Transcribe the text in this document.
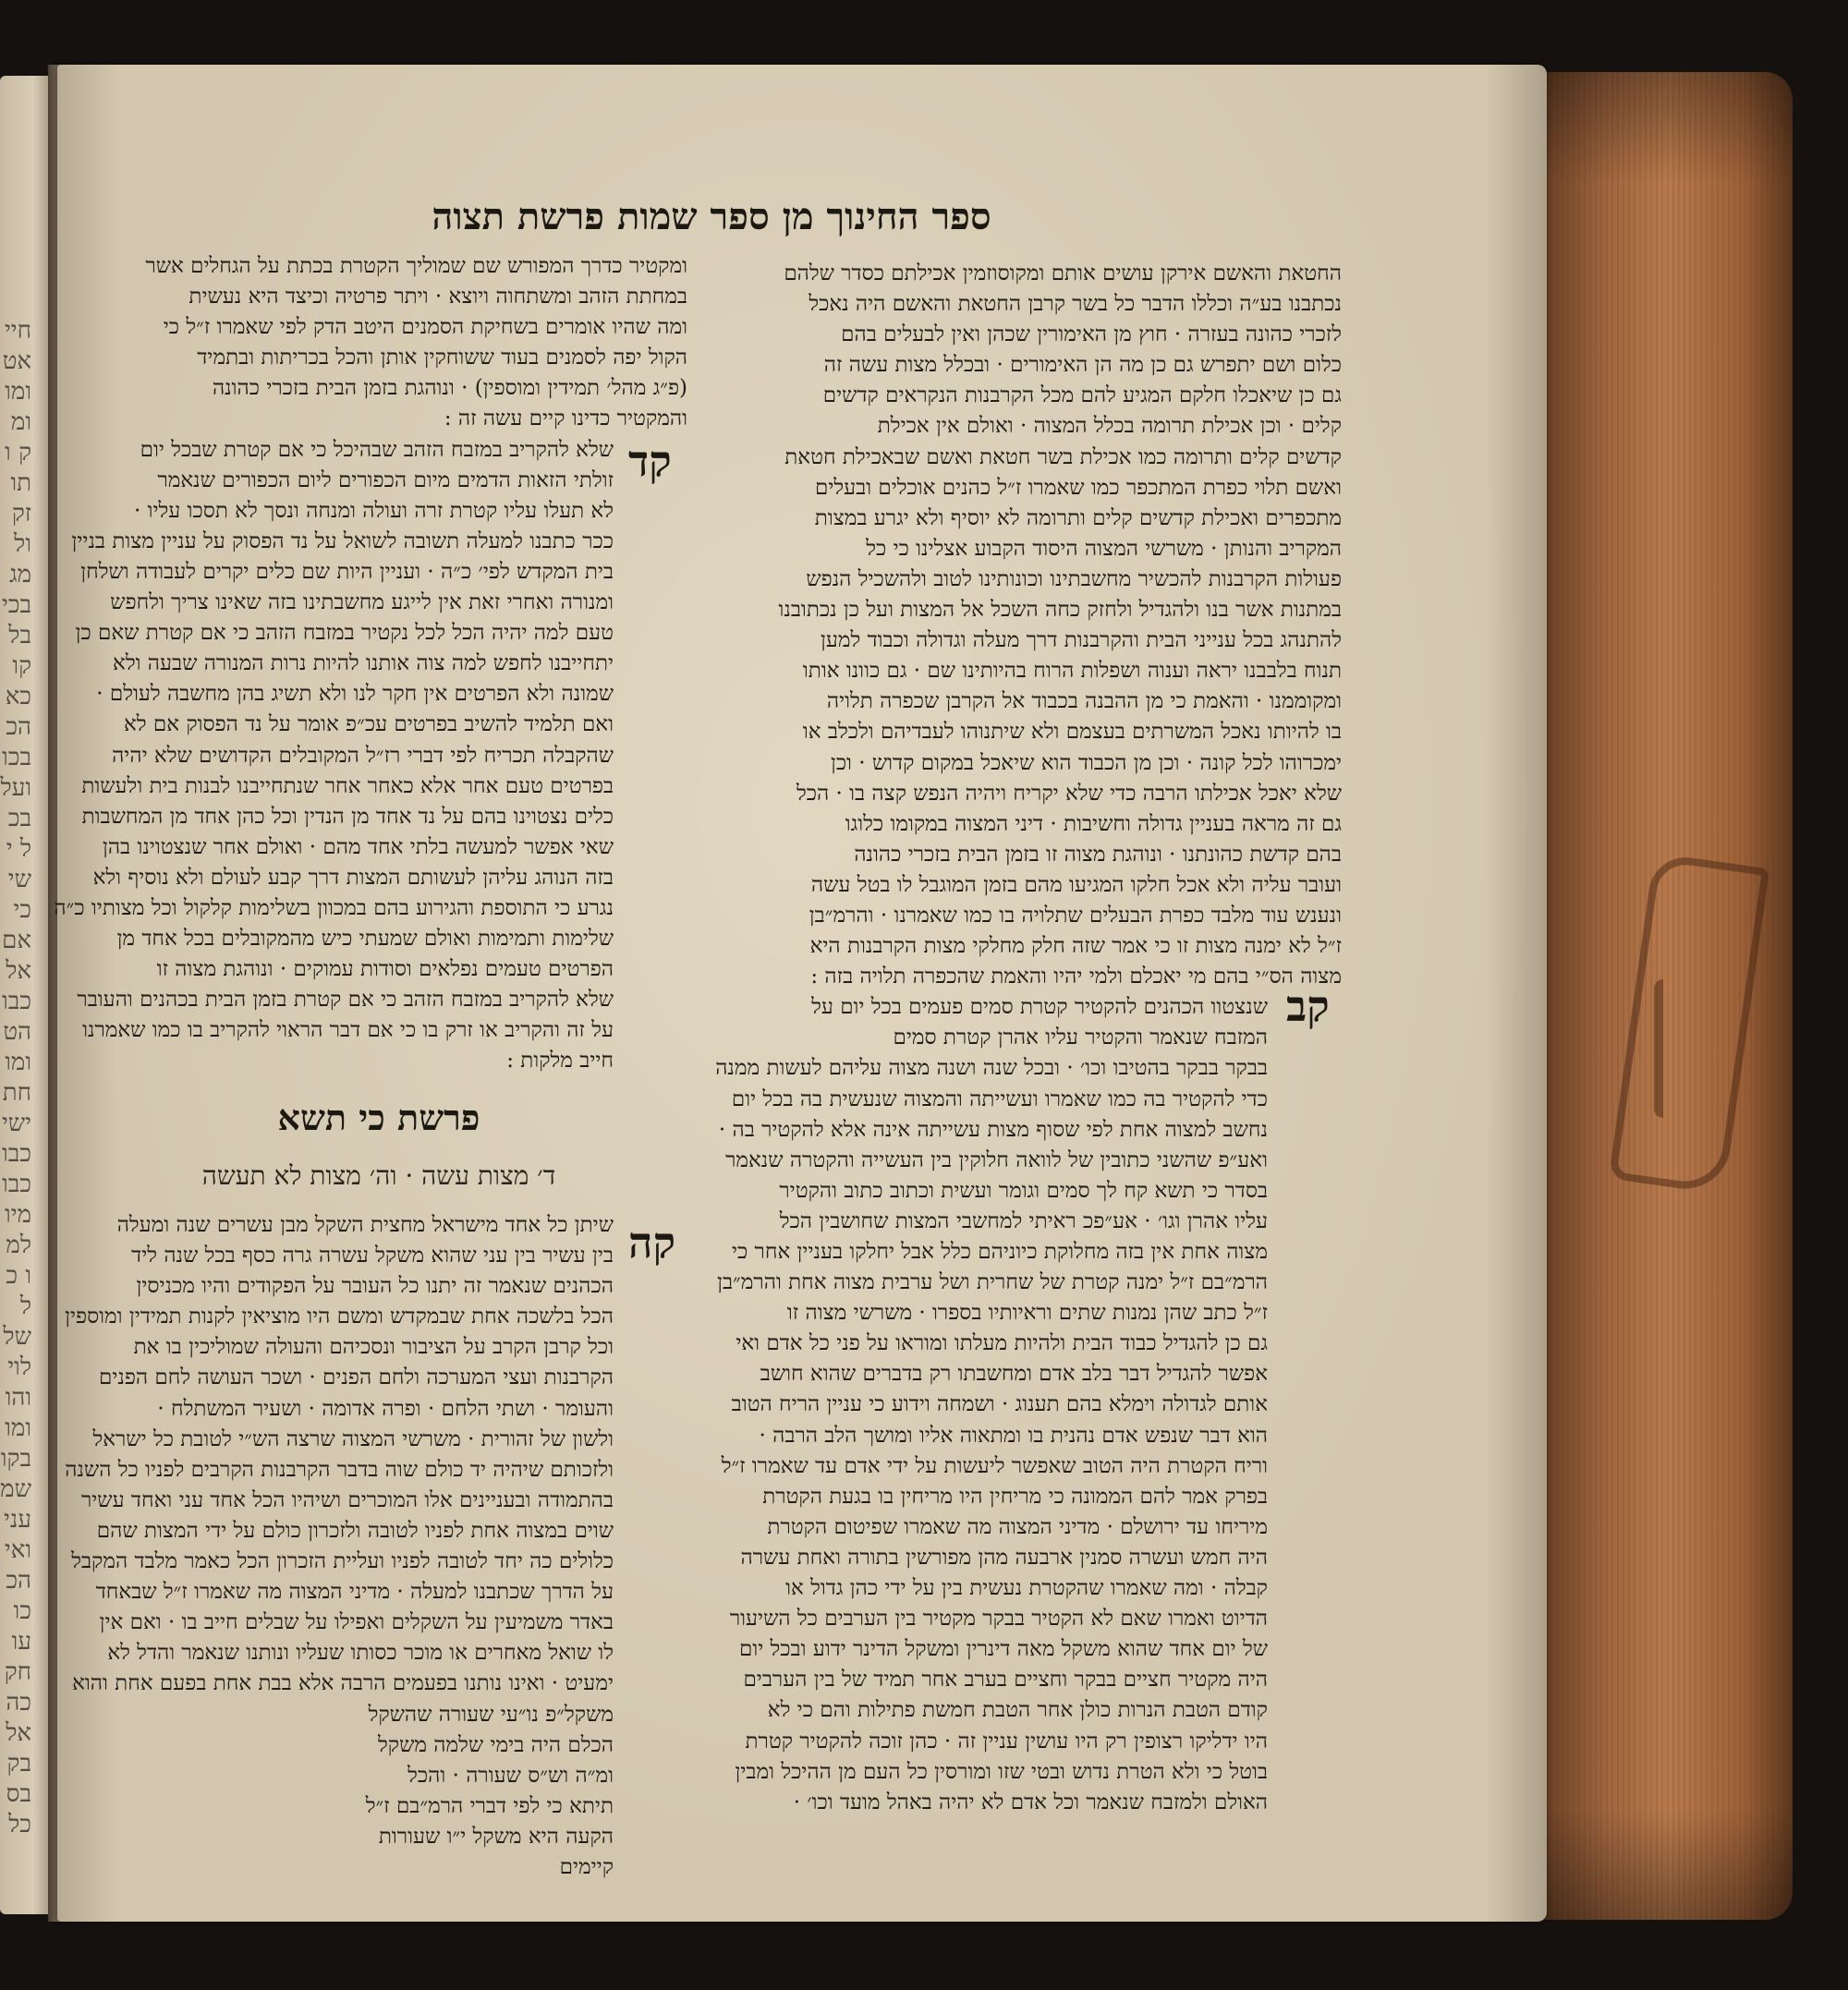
חיי אט ומו ומק ותו זק ול מג בכי בל קו כא הכ בכו ועל בכל ישי כי אם אל כבו הט ומו חת ישי כבו כבו מיו למו כל של לוי והו ומו בקו שמ עני ואי הכ כו עו חק כה אל בק בס כל
ספר החינוך מן ספר שמות פרשת תצוה
החטאת והאשם אירקן עושים אותם ומקוסוזמין אכילתם כסדר שלהם
נכתבנו בע״ה וכללו הדבר כל בשר קרבן החטאת והאשם היה נאכל
לזכרי כהונה בעזרה · חוץ מן האימורין שכהן ואין לבעלים בהם
כלום ושם יתפרש גם כן מה הן האימורים · ובכלל מצות עשה זה
גם כן שיאכלו חלקם המגיע להם מכל הקרבנות הנקראים קדשים
קלים · וכן אכילת תרומה בכלל המצוה · ואולם אין אכילת
קדשים קלים ותרומה כמו אכילת בשר חטאת ואשם שבאכילת חטאת
ואשם תלוי כפרת המתכפר כמו שאמרו ז״ל כהנים אוכלים ובעלים
מתכפרים ואכילת קדשים קלים ותרומה לא יוסיף ולא יגרע במצות
המקריב והנותן · משרשי המצוה היסוד הקבוע אצלינו כי כל
פעולות הקרבנות להכשיר מחשבתינו וכונותינו לטוב ולהשכיל הנפש
במתנות אשר בנו ולהגדיל ולחזק כחה השכל אל המצות ועל כן נכתובנו
להתנהג בכל ענייני הבית והקרבנות דרך מעלה וגדולה וכבוד למען
תנוח בלבבנו יראה וענוה ושפלות הרוח בהיותינו שם · גם כוונו אותו
ומקוממנו · והאמת כי מן ההבנה בכבוד אל הקרבן שכפרה תלויה
בו להיותו נאכל המשרתים בעצמם ולא שיתנוהו לעבדיהם ולכלב או
ימכרוהו לכל קונה · וכן מן הכבוד הוא שיאכל במקום קדוש · וכן
שלא יאכל אכילתו הרבה כדי שלא יקריח ויהיה הנפש קצה בו · הכל
גם זה מראה בעניין גדולה וחשיבות · דיני המצוה במקומו כלוגו
בהם קדשת כהונתנו · ונוהגת מצוה זו בזמן הבית בזכרי כהונה
ועובר עליה ולא אכל חלקו המגיעו מהם בזמן המוגבל לו בטל עשה
ונענש עוד מלבד כפרת הבעלים שתלויה בו כמו שאמרנו · והרמ״בן
ז״ל לא ימנה מצות זו כי אמר שזה חלק מחלקי מצות הקרבנות היא
מצוה הס״י בהם מי יאכלם ולמי יהיו והאמת שהכפרה תלויה בזה :
שנצטוו הכהנים להקטיר קטרת סמים פעמים בכל יום על
המזבח שנאמר והקטיר עליו אהרן קטרת סמים
בבקר בבקר בהטיבו וכו׳ · ובכל שנה ושנה מצוה עליהם לעשות ממנה
כדי להקטיר בה כמו שאמרו ועשייתה והמצוה שנעשית בה בכל יום
נחשב למצוה אחת לפי שסוף מצות עשייתה אינה אלא להקטיר בה ·
ואע״פ שהשני כתובין של לוואה חלוקין בין העשייה והקטרה שנאמר
בסדר כי תשא קח לך סמים וגומר ועשית וכתוב כתוב והקטיר
עליו אהרן וגו׳ · אע״פכ ראיתי למחשבי המצות שחושבין הכל
מצוה אחת אין בזה מחלוקת כיוניהם כלל אבל יחלקו בעניין אחר כי
הרמ״בם ז״ל ימנה קטרת של שחרית ושל ערבית מצוה אחת והרמ״בן
ז״ל כתב שהן נמנות שתים וראיותיו בספרו · משרשי מצוה זו
גם כן להגדיל כבוד הבית ולהיות מעלתו ומוראו על פני כל אדם ואי
אפשר להגדיל דבר בלב אדם ומחשבתו רק בדברים שהוא חושב
אותם לגדולה וימלא בהם תענוג · ושמחה וידוע כי עניין הריח הטוב
הוא דבר שנפש אדם נהנית בו ומתאוה אליו ומושך הלב הרבה ·
וריח הקטרת היה הטוב שאפשר ליעשות על ידי אדם עד שאמרו ז״ל
בפרק אמר להם הממונה כי מריחין היו מריחין בו בגעת הקטרת
מיריחו עד ירושלם · מדיני המצוה מה שאמרו שפיטום הקטרת
היה חמש ועשרה סמנין ארבעה מהן מפורשין בתורה ואחת עשרה
קבלה · ומה שאמרו שהקטרת נעשית בין על ידי כהן גדול או
הדיוט ואמרו שאם לא הקטיר בבקר מקטיר בין הערבים כל השיעור
של יום אחד שהוא משקל מאה דינרין ומשקל הדינר ידוע ובכל יום
היה מקטיר חציים בבקר וחציים בערב אחר תמיד של בין הערבים
קודם הטבת הנרות כולן אחר הטבת חמשת פתילות והם כי לא
היו ידליקו רצופין רק היו עושין עניין זה · כהן זוכה להקטיר קטרת
בוטל כי ולא הטרת נדוש ובטי שזו ומורסין כל העם מן ההיכל ומבין
האולם ולמזבח שנאמר וכל אדם לא יהיה באהל מועד וכו׳ ·
קב
ומקטיר כדרך המפורש שם שמוליך הקטרת בכתת על הגחלים אשר
במחתת הזהב ומשתחוה ויוצא · ויתר פרטיה וכיצד היא נעשית
ומה שהיו אומרים בשחיקת הסמנים היטב הדק לפי שאמרו ז״ל כי
הקול יפה לסמנים בעוד ששוחקין אותן והכל בכריתות ובתמיד
(פ״ג מהל׳ תמידין ומוספין) · ונוהגת בזמן הבית בזכרי כהונה
והמקטיר כדינו קיים עשה זה :
שלא להקריב במזבח הזהב שבהיכל כי אם קטרת שבכל יום
זולתי הזאות הדמים מיום הכפורים ליום הכפורים שנאמר
לא תעלו עליו קטרת זרה ועולה ומנחה ונסך לא תסכו עליו ·
ככר כתבנו למעלה תשובה לשואל על נד הפסוק על עניין מצות בניין
בית המקדש לפי׳ כ״ה · ועניין היות שם כלים יקרים לעבודה ושלחן
ומנורה ואחרי זאת אין לייגע מחשבתינו בזה שאינו צריך ולחפש
טעם למה יהיה הכל לכל נקטיר במזבח הזהב כי אם קטרת שאם כן
יתחייבנו לחפש למה צוה אותנו להיות נרות המנורה שבעה ולא
שמונה ולא הפרטים אין חקר לנו ולא תשיג בהן מחשבה לעולם ·
ואם תלמיד להשיב בפרטים עכ״פ אומר על נד הפסוק אם לא
שהקבלה תכריח לפי דברי רז״ל המקובלים הקדושים שלא יהיה
בפרטים טעם אחר אלא כאחר אחר שנתחייבנו לבנות בית ולעשות
כלים נצטוינו בהם על נד אחד מן הנדין וכל כהן אחד מן המחשבות
שאי אפשר למעשה בלתי אחד מהם · ואולם אחר שנצטוינו בהן
בזה הנוהג עליהן לעשותם המצות דרך קבע לעולם ולא נוסיף ולא
נגרע כי התוספת והגירוע בהם במכוון בשלימות קלקול וכל מצותיו כ״ה
שלימות ותמימות ואולם שמעתי כיש מהמקובלים בכל אחד מן
הפרטים טעמים נפלאים וסודות עמוקים · ונוהגת מצוה זו
שלא להקריב במזבח הזהב כי אם קטרת בזמן הבית בכהנים והעובר
על זה והקריב או זרק בו כי אם דבר הראוי להקריב בו כמו שאמרנו
חייב מלקות :
קד
פרשת כי תשא
ד׳ מצות עשה · וה׳ מצות לא תעשה
שיתן כל אחד מישראל מחצית השקל מבן עשרים שנה ומעלה
בין עשיר בין עני שהוא משקל עשרה גרה כסף בכל שנה ליד
הכהנים שנאמר זה יתנו כל העובר על הפקודים והיו מכניסין
הכל בלשכה אחת שבמקדש ומשם היו מוציאין לקנות תמידין ומוספין
וכל קרבן הקרב על הציבור ונסכיהם והעולה שמוליכין בו את
הקרבנות ועצי המערכה ולחם הפנים · ושכר העושה לחם הפנים
והעומר · ושתי הלחם · ופרה אדומה · ושעיר המשתלח ·
ולשון של זהורית · משרשי המצוה שרצה הש״י לטובת כל ישראל
ולזכותם שיהיה יד כולם שוה בדבר הקרבנות הקרבים לפניו כל השנה
בהתמודה ובעניינים אלו המוכרים ושיהיו הכל אחד עני ואחד עשיר
שוים במצוה אחת לפניו לטובה ולזכרון כולם על ידי המצות שהם
כלולים כה יחד לטובה לפניו ועליית הזכרון הכל כאמר מלבד המקבל
על הדרך שכתבנו למעלה · מדיני המצוה מה שאמרו ז״ל שבאחד
באדר משמיעין על השקלים ואפילו על שבלים חייב בו · ואם אין
לו שואל מאחרים או מוכר כסותו שעליו ונותנו שנאמר והדל לא
ימעיט · ואינו נותנו בפעמים הרבה אלא בבת אחת בפעם אחת והוא
משקל״פ נו״עי שעורה שהשקל
הכלם היה בימי שלמה משקל
ומ״ה וש״ס שעורה · והכל
תיתא כי לפי דברי הרמ״בם ז״ל
הקעה היא משקל י״ו שעורות
קיימים
קה
